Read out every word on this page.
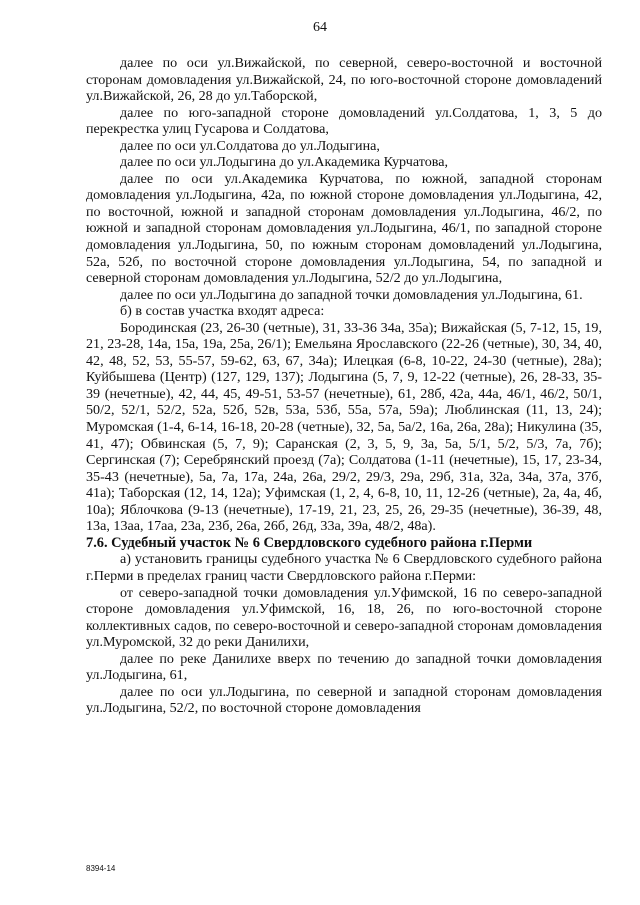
64

далее по оси ул.Вижайской, по северной, северо-восточной и восточной сторонам домовладения ул.Вижайской, 24, по юго-восточной стороне домовладений ул.Вижайской, 26, 28 до ул.Таборской,

далее по юго-западной стороне домовладений ул.Солдатова, 1, 3, 5 до перекрестка улиц Гусарова и Солдатова,

далее по оси ул.Солдатова до ул.Лодыгина,

далее по оси ул.Лодыгина до ул.Академика Курчатова,

далее по оси ул.Академика Курчатова, по южной, западной сторонам домовладения ул.Лодыгина, 42а, по южной стороне домовладения ул.Лодыгина, 42, по восточной, южной и западной сторонам домовладения ул.Лодыгина, 46/2, по южной и западной сторонам домовладения ул.Лодыгина, 46/1, по западной стороне домовладения ул.Лодыгина, 50, по южным сторонам домовладений ул.Лодыгина, 52а, 52б, по восточной стороне домовладения ул.Лодыгина, 54, по западной и северной сторонам домовладения ул.Лодыгина, 52/2 до ул.Лодыгина,

далее по оси ул.Лодыгина до западной точки домовладения ул.Лодыгина, 61.

б) в состав участка входят адреса:

Бородинская (23, 26-30 (четные), 31, 33-36 34а, 35а); Вижайская (5, 7-12, 15, 19, 21, 23-28, 14а, 15а, 19а, 25а, 26/1); Емельяна Ярославского (22-26 (четные), 30, 34, 40, 42, 48, 52, 53, 55-57, 59-62, 63, 67, 34а); Илецкая (6-8, 10-22, 24-30 (четные), 28а); Куйбышева (Центр) (127, 129, 137); Лодыгина (5, 7, 9, 12-22 (четные), 26, 28-33, 35-39 (нечетные), 42, 44, 45, 49-51, 53-57 (нечетные), 61, 28б, 42а, 44а, 46/1, 46/2, 50/1, 50/2, 52/1, 52/2, 52а, 52б, 52в, 53а, 53б, 55а, 57а, 59а); Люблинская (11, 13, 24); Муромская (1-4, 6-14, 16-18, 20-28 (четные), 32, 5а, 5а/2, 16а, 26а, 28а); Никулина (35, 41, 47); Обвинская (5, 7, 9); Саранская (2, 3, 5, 9, 3а, 5а, 5/1, 5/2, 5/3, 7а, 7б); Сергинская (7); Серебрянский проезд (7а); Солдатова (1-11 (нечетные), 15, 17, 23-34, 35-43 (нечетные), 5а, 7а, 17а, 24а, 26а, 29/2, 29/3, 29а, 29б, 31а, 32а, 34а, 37а, 37б, 41а); Таборская (12, 14, 12а); Уфимская (1, 2, 4, 6-8, 10, 11, 12-26 (четные), 2а, 4а, 4б, 10а); Яблочкова (9-13 (нечетные), 17-19, 21, 23, 25, 26, 29-35 (нечетные), 36-39, 48, 13а, 13аа, 17аа, 23а, 23б, 26а, 26б, 26д, 33а, 39а, 48/2, 48а).

7.6. Судебный участок № 6 Свердловского судебного района г.Перми

а) установить границы судебного участка № 6 Свердловского судебного района г.Перми в пределах границ части Свердловского района г.Перми:

от северо-западной точки домовладения ул.Уфимской, 16 по северо-западной стороне домовладения ул.Уфимской, 16, 18, 26, по юго-восточной стороне коллективных садов, по северо-восточной и северо-западной сторонам домовладения ул.Муромской, 32 до реки Данилихи,

далее по реке Данилихе вверх по течению до западной точки домовладения ул.Лодыгина, 61,

далее по оси ул.Лодыгина, по северной и западной сторонам домовладения ул.Лодыгина, 52/2, по восточной стороне домовладения

8394-14
